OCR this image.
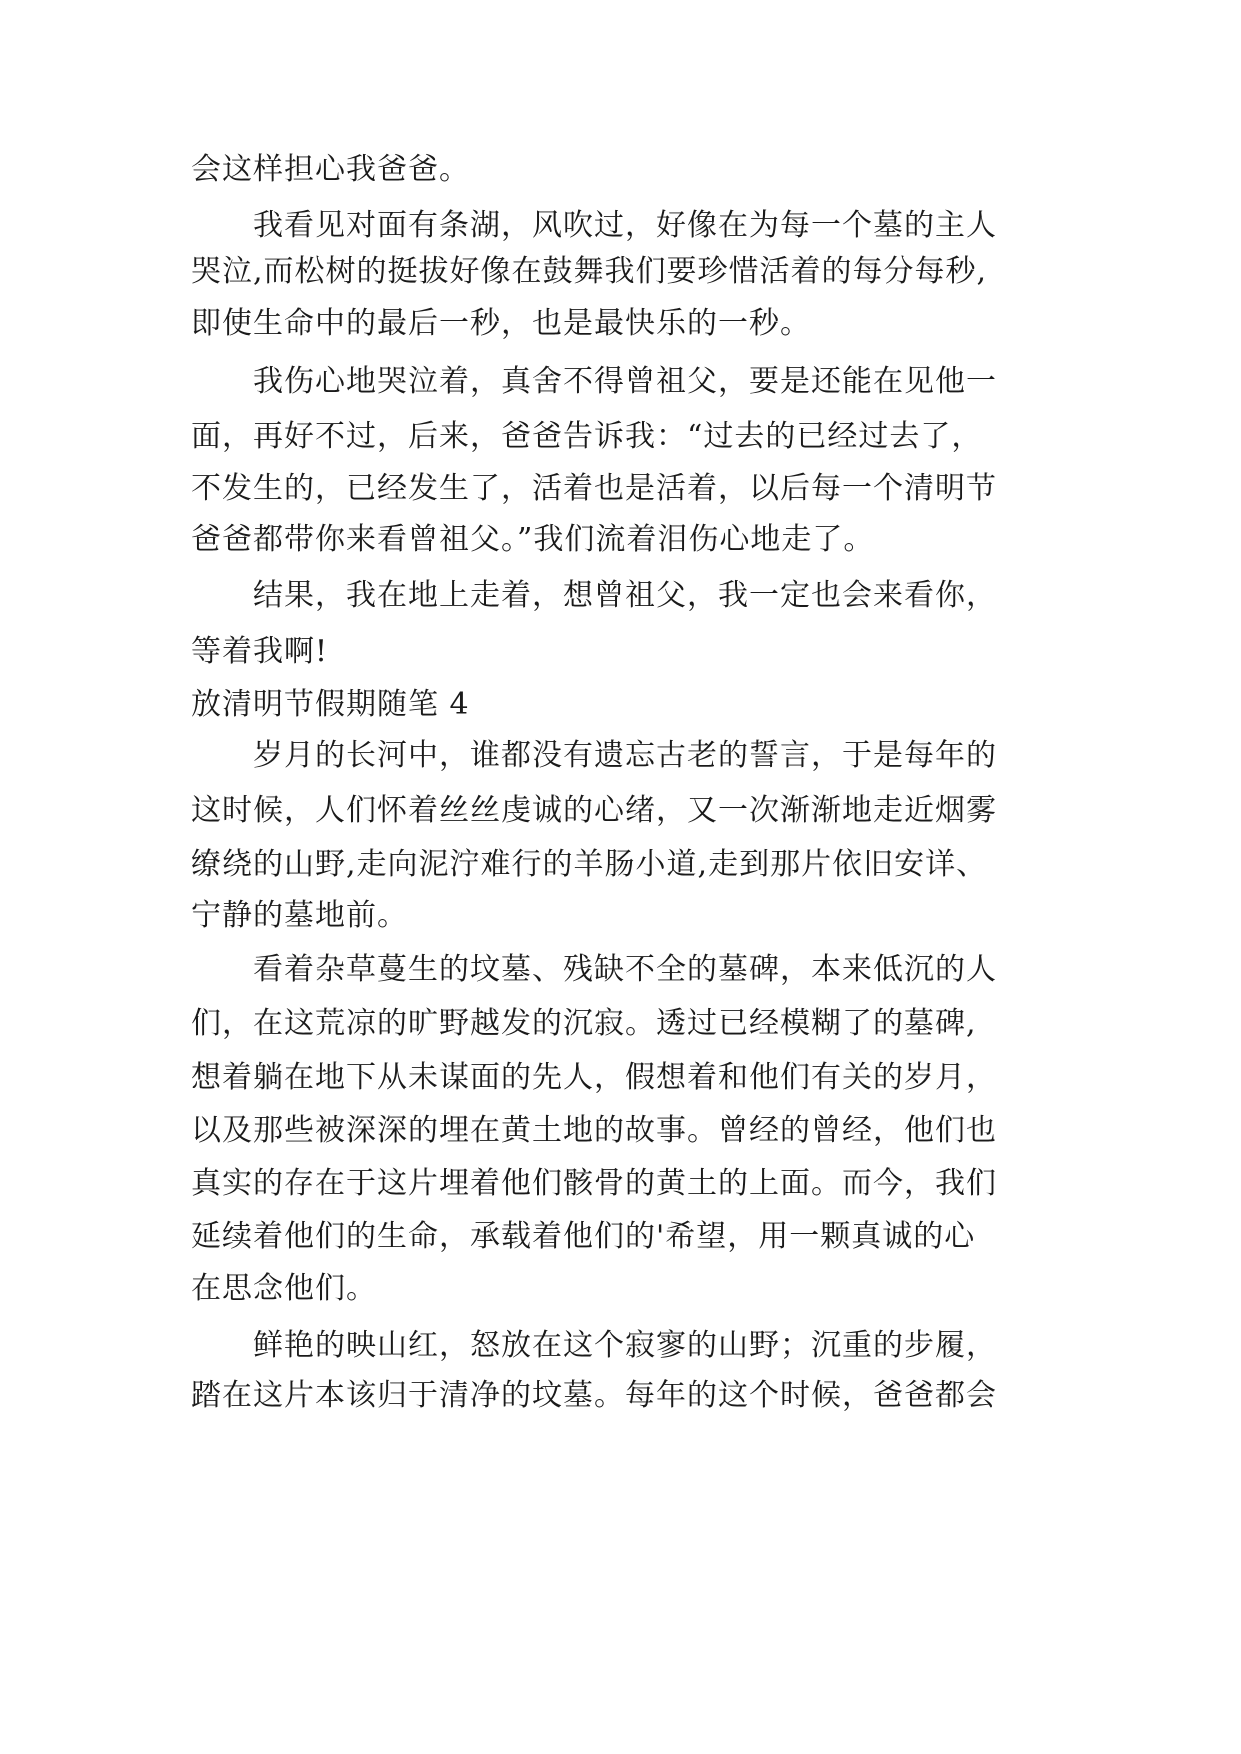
会这样担心我爸爸。
我看见对面有条湖，风吹过，好像在为每一个墓的主人
哭泣,而松树的挺拔好像在鼓舞我们要珍惜活着的每分每秒,
即使生命中的最后一秒，也是最快乐的一秒。
我伤心地哭泣着，真舍不得曾祖父，要是还能在见他一
面，再好不过，后来，爸爸告诉我：“过去的已经过去了，
不发生的，已经发生了，活着也是活着，以后每一个清明节
爸爸都带你来看曾祖父。”我们流着泪伤心地走了。
结果，我在地上走着，想曾祖父，我一定也会来看你，
等着我啊!
放清明节假期随笔 4
岁月的长河中，谁都没有遗忘古老的誓言，于是每年的
这时候，人们怀着丝丝虔诚的心绪，又一次渐渐地走近烟雾
缭绕的山野,走向泥泞难行的羊肠小道,走到那片依旧安详、
宁静的墓地前。
看着杂草蔓生的坟墓、残缺不全的墓碑，本来低沉的人
们，在这荒凉的旷野越发的沉寂。透过已经模糊了的墓碑,
想着躺在地下从未谋面的先人，假想着和他们有关的岁月，
以及那些被深深的埋在黄土地的故事。曾经的曾经，他们也
真实的存在于这片埋着他们骸骨的黄土的上面。而今，我们
延续着他们的生命，承载着他们的'希望，用一颗真诚的心
在思念他们。
鲜艳的映山红，怒放在这个寂寥的山野；沉重的步履，
踏在这片本该归于清净的坟墓。每年的这个时候，爸爸都会
